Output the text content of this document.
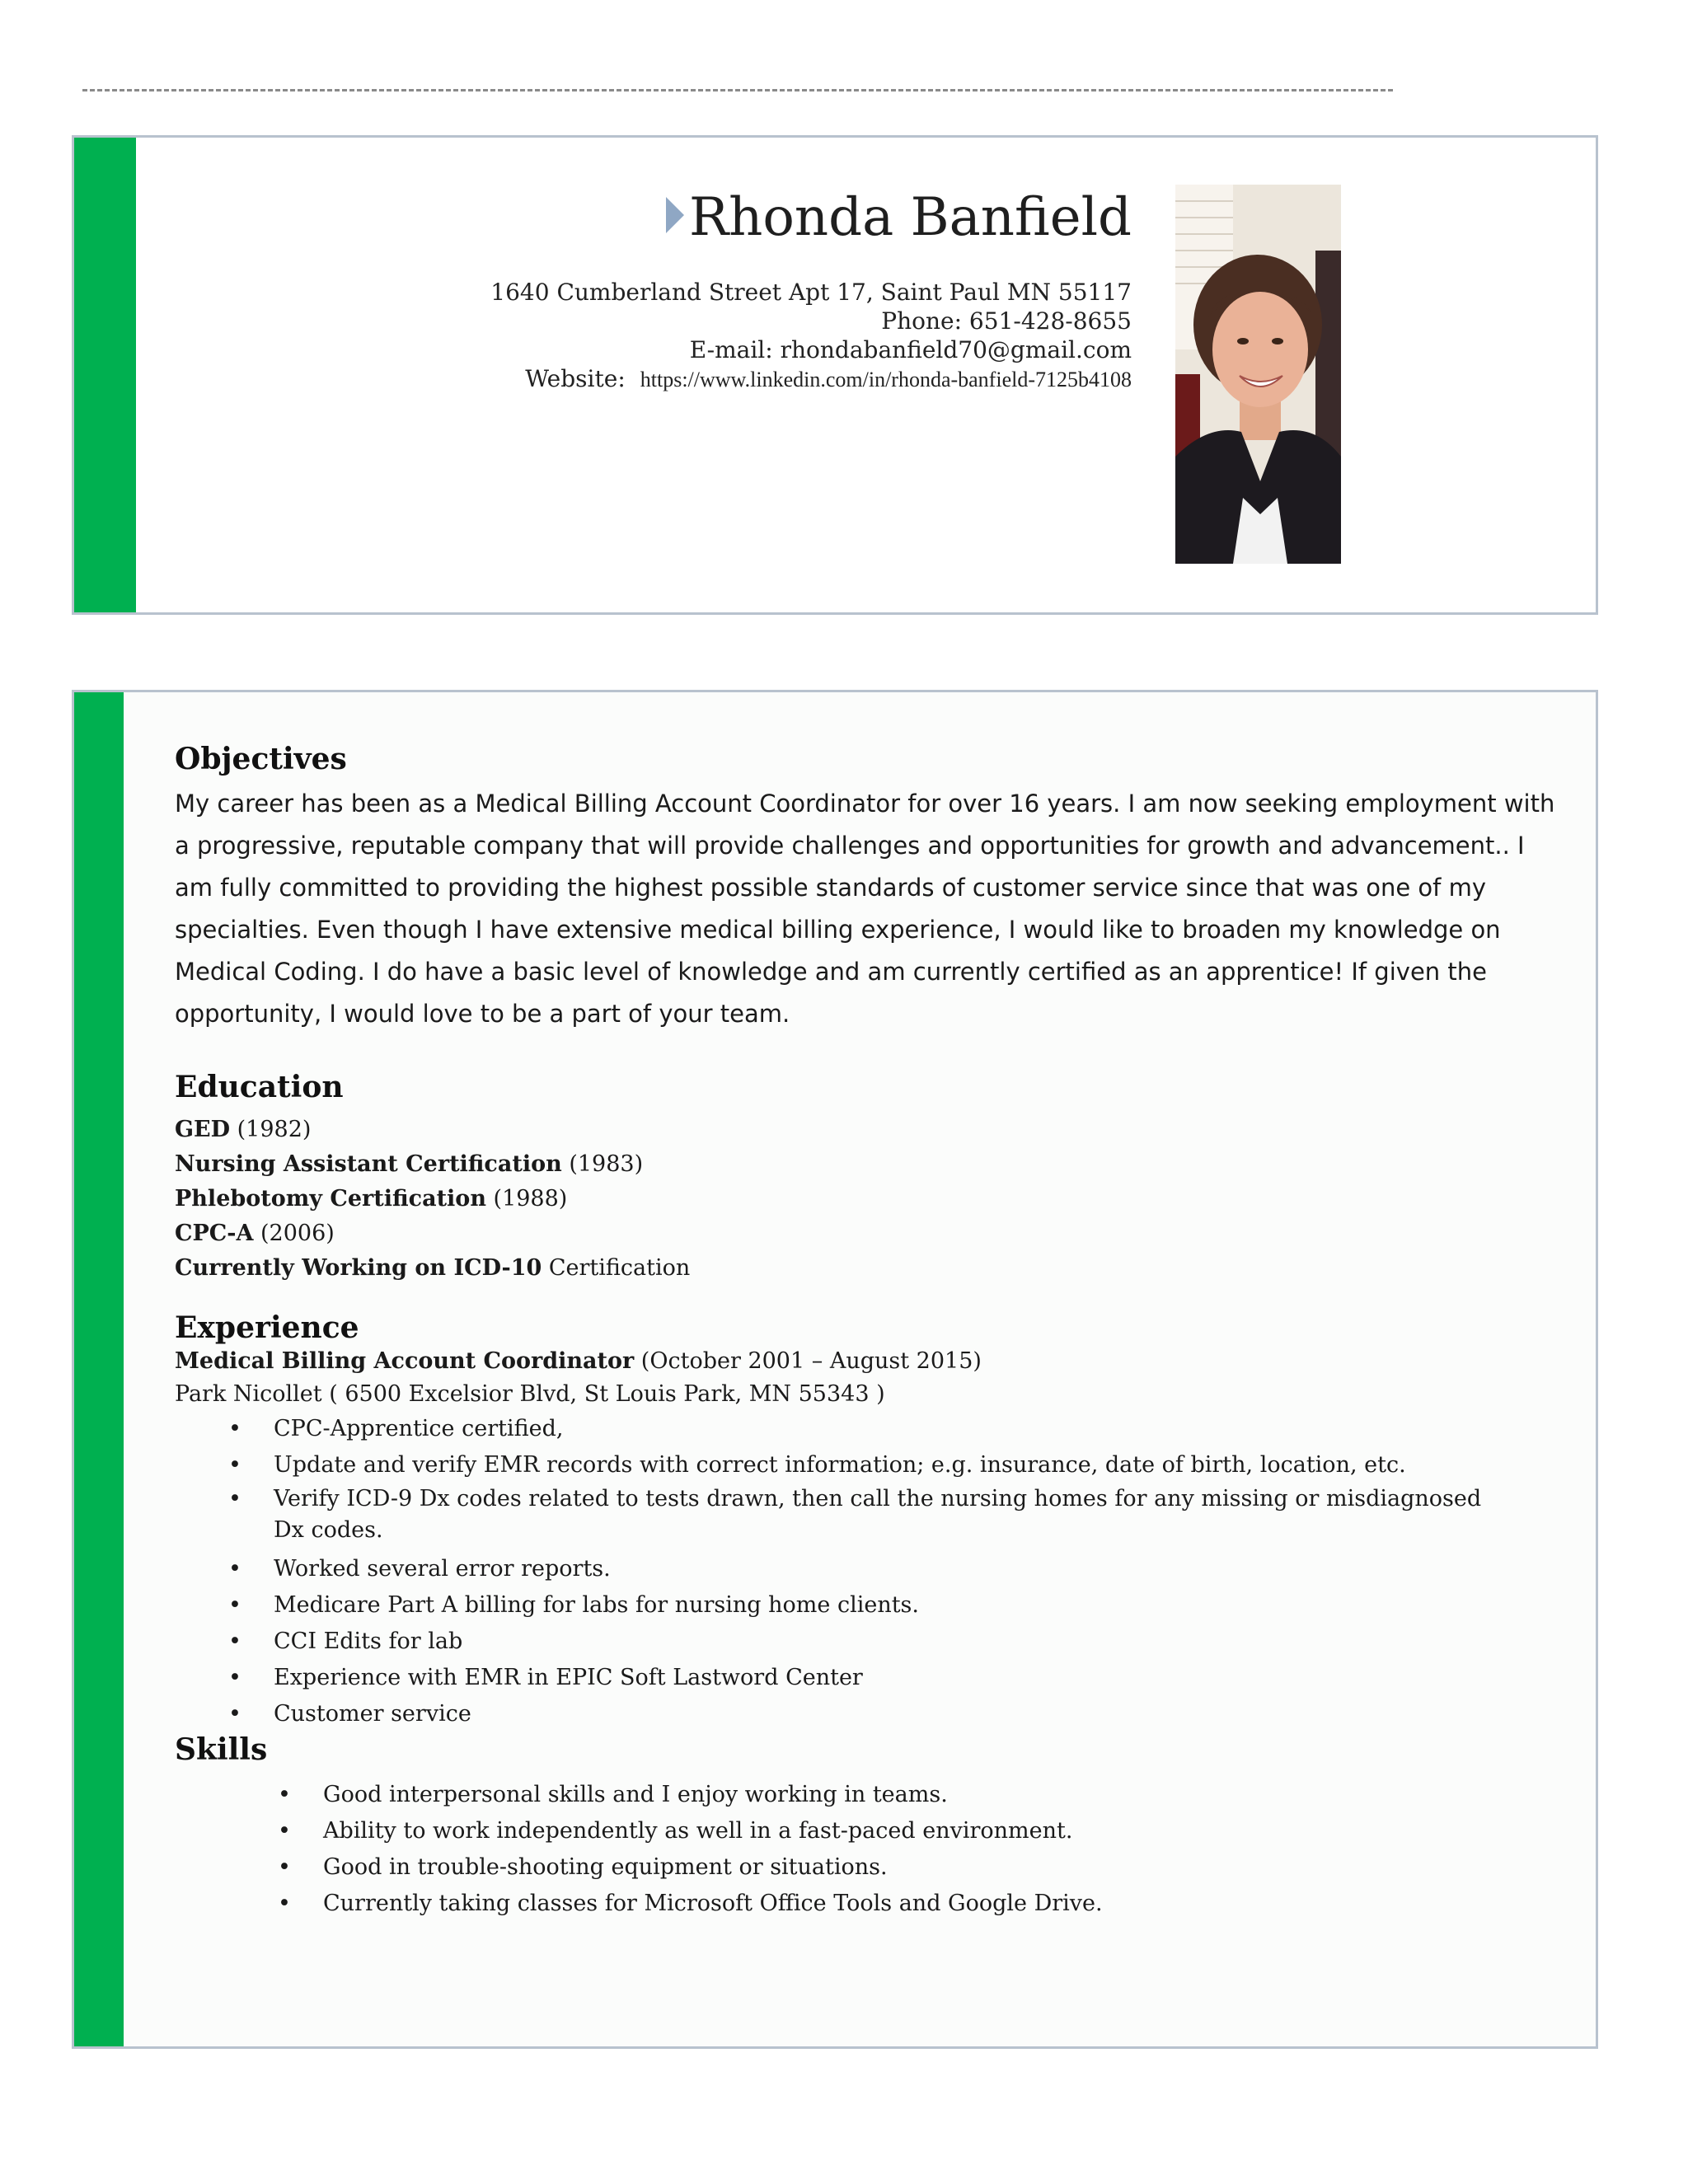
Rhonda Banfield
1640 Cumberland Street Apt 17, Saint Paul MN 55117
Phone: 651-428-8655
E-mail: rhondabanfield70@gmail.com
Website: https://www.linkedin.com/in/rhonda-banfield-7125b4108
Objectives

My career has been as a Medical Billing Account Coordinator for over 16 years. I am now seeking employment with a progressive, reputable company that will provide challenges and opportunities for growth and advancement.. I am fully committed to providing the highest possible standards of customer service since that was one of my specialties. Even though I have extensive medical billing experience, I would like to broaden my knowledge on Medical Coding. I do have a basic level of knowledge and am currently certified as an apprentice! If given the opportunity, I would love to be a part of your team.

Education
GED (1982)
Nursing Assistant Certification (1983)
Phlebotomy Certification (1988)
CPC-A (2006)
Currently Working on ICD-10 Certification
Experience
Medical Billing Account Coordinator (October 2001 – August 2015)
Park Nicollet ( 6500 Excelsior Blvd, St Louis Park, MN 55343 )
• CPC-Apprentice certified,
• Update and verify EMR records with correct information; e.g. insurance, date of birth, location, etc.
• Verify ICD-9 Dx codes related to tests drawn, then call the nursing homes for any missing or misdiagnosed Dx codes.
• Worked several error reports.
• Medicare Part A billing for labs for nursing home clients.
• CCI Edits for lab
• Experience with EMR in EPIC Soft Lastword Center
• Customer service
Skills
• Good interpersonal skills and I enjoy working in teams.
• Ability to work independently as well in a fast-paced environment.
• Good in trouble-shooting equipment or situations.
• Currently taking classes for Microsoft Office Tools and Google Drive.
